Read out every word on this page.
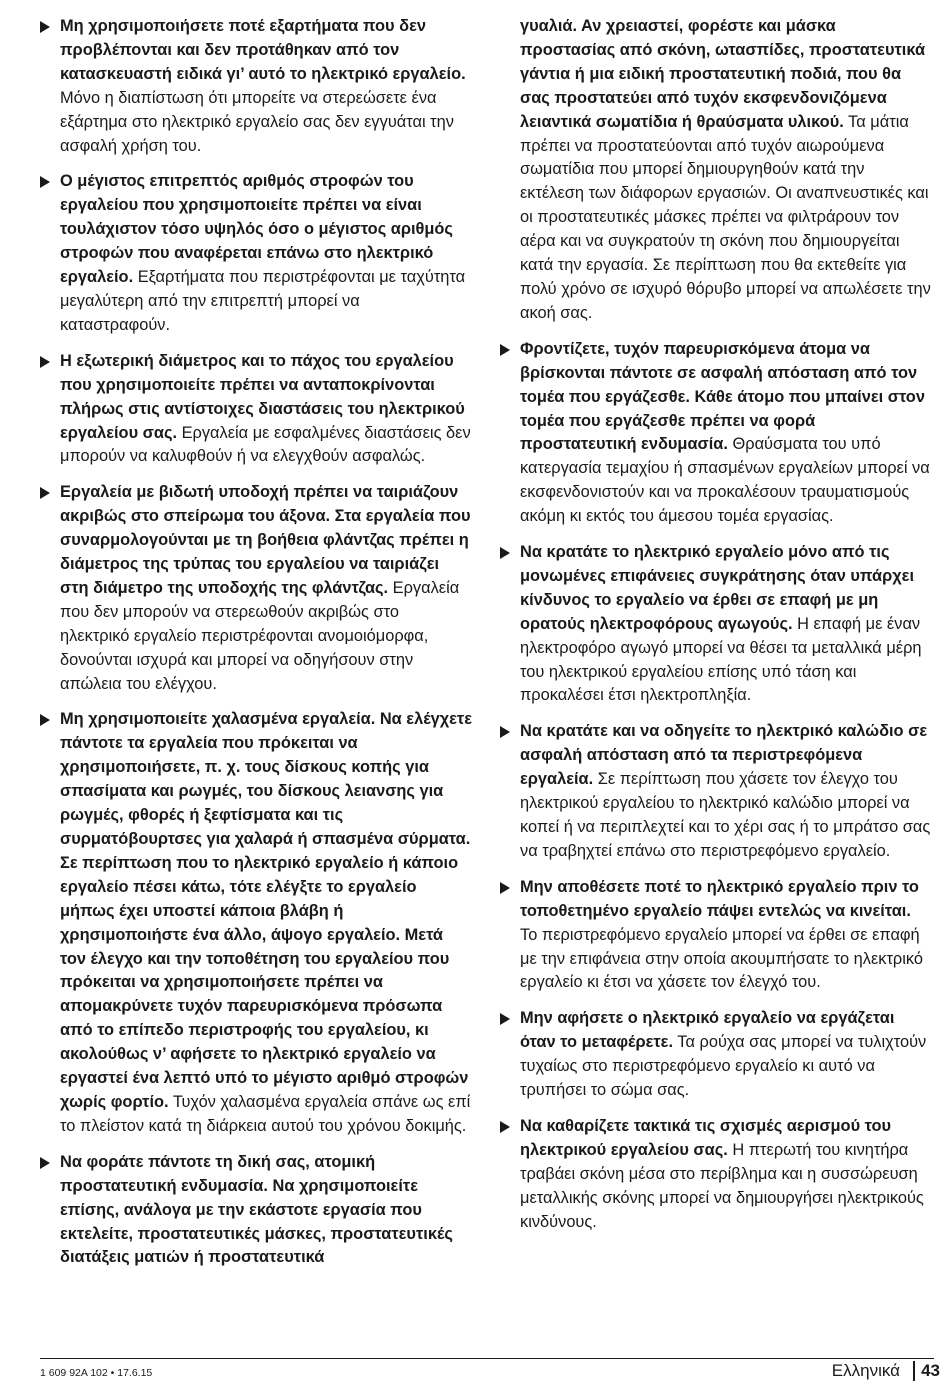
Μη χρησιμοποιήσετε ποτέ εξαρτήματα που δεν προβλέπονται και δεν προτάθηκαν από τον κατασκευαστή ειδικά γι’ αυτό το ηλεκτρικό εργαλείο. Μόνο η διαπίστωση ότι μπορείτε να στερεώσετε ένα εξάρτημα στο ηλεκτρικό εργαλείο σας δεν εγγυάται την ασφαλή χρήση του.
Ο μέγιστος επιτρεπτός αριθμός στροφών του εργαλείου που χρησιμοποιείτε πρέπει να είναι τουλάχιστον τόσο υψηλός όσο ο μέγιστος αριθμός στροφών που αναφέρεται επάνω στο ηλεκτρικό εργαλείο. Εξαρτήματα που περιστρέφονται με ταχύτητα μεγαλύτερη από την επιτρεπτή μπορεί να καταστραφούν.
Η εξωτερική διάμετρος και το πάχος του εργαλείου που χρησιμοποιείτε πρέπει να ανταποκρίνονται πλήρως στις αντίστοιχες διαστάσεις του ηλεκτρικού εργαλείου σας. Εργαλεία με εσφαλμένες διαστάσεις δεν μπορούν να καλυφθούν ή να ελεγχθούν ασφαλώς.
Εργαλεία με βιδωτή υποδοχή πρέπει να ταιριάζουν ακριβώς στο σπείρωμα του άξονα. Στα εργαλεία που συναρμολογούνται με τη βοήθεια φλάντζας πρέπει η διάμετρος της τρύπας του εργαλείου να ταιριάζει στη διάμετρο της υποδοχής της φλάντζας. Εργαλεία που δεν μπορούν να στερεωθούν ακριβώς στο ηλεκτρικό εργαλείο περιστρέφονται ανομοιόμορφα, δονούνται ισχυρά και μπορεί να οδηγήσουν στην απώλεια του ελέγχου.
Μη χρησιμοποιείτε χαλασμένα εργαλεία. Να ελέγχετε πάντοτε τα εργαλεία που πρόκειται να χρησιμοποιήσετε, π. χ. τους δίσκους κοπής για σπασίματα και ρωγμές, του δίσκους λειανσης για ρωγμές, φθορές ή ξεφτίσματα και τις συρματόβουρτσες για χαλαρά ή σπασμένα σύρματα. Σε περίπτωση που το ηλεκτρικό εργαλείο ή κάποιο εργαλείο πέσει κάτω, τότε ελέγξτε το εργαλείο μήπως έχει υποστεί κάποια βλάβη ή χρησιμοποιήστε ένα άλλο, άψογο εργαλείο. Μετά τον έλεγχο και την τοποθέτηση του εργαλείου που πρόκειται να χρησιμοποιήσετε πρέπει να απομακρύνετε τυχόν παρευρισκόμενα πρόσωπα από το επίπεδο περιστροφής του εργαλείου, κι ακολούθως ν’ αφήσετε το ηλεκτρικό εργαλείο να εργαστεί ένα λεπτό υπό το μέγιστο αριθμό στροφών χωρίς φορτίο. Τυχόν χαλασμένα εργαλεία σπάνε ως επί το πλείστον κατά τη διάρκεια αυτού του χρόνου δοκιμής.
Να φοράτε πάντοτε τη δική σας, ατομική προστατευτική ενδυμασία. Να χρησιμοποιείτε επίσης, ανάλογα με την εκάστοτε εργασία που εκτελείτε, προστατευτικές μάσκες, προστατευτικές διατάξεις ματιών ή προστατευτικά
γυαλιά. Αν χρειαστεί, φορέστε και μάσκα προστασίας από σκόνη, ωτασπίδες, προστατευτικά γάντια ή μια ειδική προστατευτική ποδιά, που θα σας προστατεύει από τυχόν εκσφενδονιζόμενα λειαντικά σωματίδια ή θραύσματα υλικού. Τα μάτια πρέπει να προστατεύονται από τυχόν αιωρούμενα σωματίδια που μπορεί δημιουργηθούν κατά την εκτέλεση των διάφορων εργασιών. Οι αναπνευστικές και οι προστατευτικές μάσκες πρέπει να φιλτράρουν τον αέρα και να συγκρατούν τη σκόνη που δημιουργείται κατά την εργασία. Σε περίπτωση που θα εκτεθείτε για πολύ χρόνο σε ισχυρό θόρυβο μπορεί να απωλέσετε την ακοή σας.
Φροντίζετε, τυχόν παρευρισκόμενα άτομα να βρίσκονται πάντοτε σε ασφαλή απόσταση από τον τομέα που εργάζεσθε. Κάθε άτομο που μπαίνει στον τομέα που εργάζεσθε πρέπει να φορά προστατευτική ενδυμασία. Θραύσματα του υπό κατεργασία τεμαχίου ή σπασμένων εργαλείων μπορεί να εκσφενδονιστούν και να προκαλέσουν τραυματισμούς ακόμη κι εκτός του άμεσου τομέα εργασίας.
Να κρατάτε το ηλεκτρικό εργαλείο μόνο από τις μονωμένες επιφάνειες συγκράτησης όταν υπάρχει κίνδυνος το εργαλείο να έρθει σε επαφή με μη ορατούς ηλεκτροφόρους αγωγούς. Η επαφή με έναν ηλεκτροφόρο αγωγό μπορεί να θέσει τα μεταλλικά μέρη του ηλεκτρικού εργαλείου επίσης υπό τάση και προκαλέσει έτσι ηλεκτροπληξία.
Να κρατάτε και να οδηγείτε το ηλεκτρικό καλώδιο σε ασφαλή απόσταση από τα περιστρεφόμενα εργαλεία. Σε περίπτωση που χάσετε τον έλεγχο του ηλεκτρικού εργαλείου το ηλεκτρικό καλώδιο μπορεί να κοπεί ή να περιπλεχτεί και το χέρι σας ή το μπράτσο σας να τραβηχτεί επάνω στο περιστρεφόμενο εργαλείο.
Μην αποθέσετε ποτέ το ηλεκτρικό εργαλείο πριν το τοποθετημένο εργαλείο πάψει εντελώς να κινείται. Το περιστρεφόμενο εργαλείο μπορεί να έρθει σε επαφή με την επιφάνεια στην οποία ακουμπήσατε το ηλεκτρικό εργαλείο κι έτσι να χάσετε τον έλεγχό του.
Μην αφήσετε ο ηλεκτρικό εργαλείο να εργάζεται όταν το μεταφέρετε. Τα ρούχα σας μπορεί να τυλιχτούν τυχαίως στο περιστρεφόμενο εργαλείο κι αυτό να τρυπήσει το σώμα σας.
Να καθαρίζετε τακτικά τις σχισμές αερισμού του ηλεκτρικού εργαλείου σας. Η πτερωτή του κινητήρα τραβάει σκόνη μέσα στο περίβλημα και η συσσώρευση μεταλλικής σκόνης μπορεί να δημιουργήσει ηλεκτρικούς κινδύνους.
1 609 92A 102 • 17.6.15	Ελληνικά 43
